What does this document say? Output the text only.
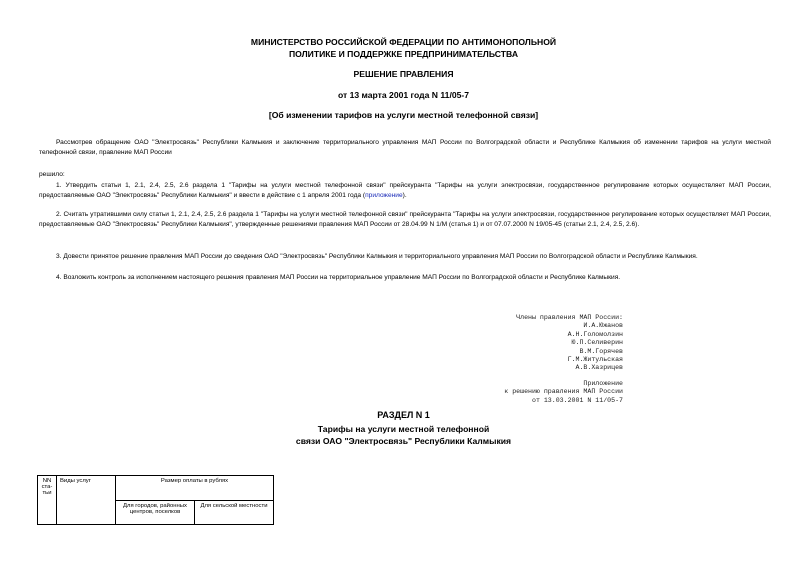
МИНИСТЕРСТВО РОССИЙСКОЙ ФЕДЕРАЦИИ ПО АНТИМОНОПОЛЬНОЙ
ПОЛИТИКЕ И ПОДДЕРЖКЕ ПРЕДПРИНИМАТЕЛЬСТВА
РЕШЕНИЕ ПРАВЛЕНИЯ
от 13 марта 2001 года N 11/05-7
[Об изменении тарифов на услуги местной телефонной связи]
Рассмотрев обращение ОАО "Электросвязь" Республики Калмыкия и заключение территориального управления МАП России по Волгоградской области и Республике Калмыкия об изменении тарифов на услуги местной телефонной связи, правление МАП России
решило:
1. Утвердить статьи 1, 2.1, 2.4, 2.5, 2.6 раздела 1 "Тарифы на услуги местной телефонной связи" прейскуранта "Тарифы на услуги электросвязи, государственное регулирование которых осуществляет МАП России, предоставляемые ОАО "Электросвязь" Республики Калмыкия" и ввести в действие с 1 апреля 2001 года (приложение).
2. Считать утратившими силу статьи 1, 2.1, 2.4, 2.5, 2.6 раздела 1 "Тарифы на услуги местной телефонной связи" прейскуранта "Тарифы на услуги электросвязи, государственное регулирование которых осуществляет МАП России, предоставляемые ОАО "Электросвязь" Республики Калмыкия", утвержденные решениями правления МАП России от 28.04.99 N 1/М (статья 1) и от 07.07.2000 N 19/05-45 (статьи 2.1, 2.4, 2.5, 2.6).
3. Довести принятое решение правления МАП России до сведения ОАО "Электросвязь" Республики Калмыкия и территориального управления МАП России по Волгоградской области и Республике Калмыкия.
4. Возложить контроль за исполнением настоящего решения правления МАП России на территориальное управление МАП России по Волгоградской области и Республике Калмыкия.
Члены правления МАП России:
И.А.Южанов
А.Н.Голомолзин
Ю.П.Селиверин
В.М.Горячев
Г.М.Житульская
А.В.Хазрицев
Приложение
к решению правления МАП России
от 13.03.2001 N 11/05-7
РАЗДЕЛ N 1
Тарифы на услуги местной телефонной
связи ОАО "Электросвязь" Республики Калмыкия
NN ста-тьи	Виды услуг	Размер оплаты в рублях	
		Для городов, районных центров, поселков	Для сельской местности
